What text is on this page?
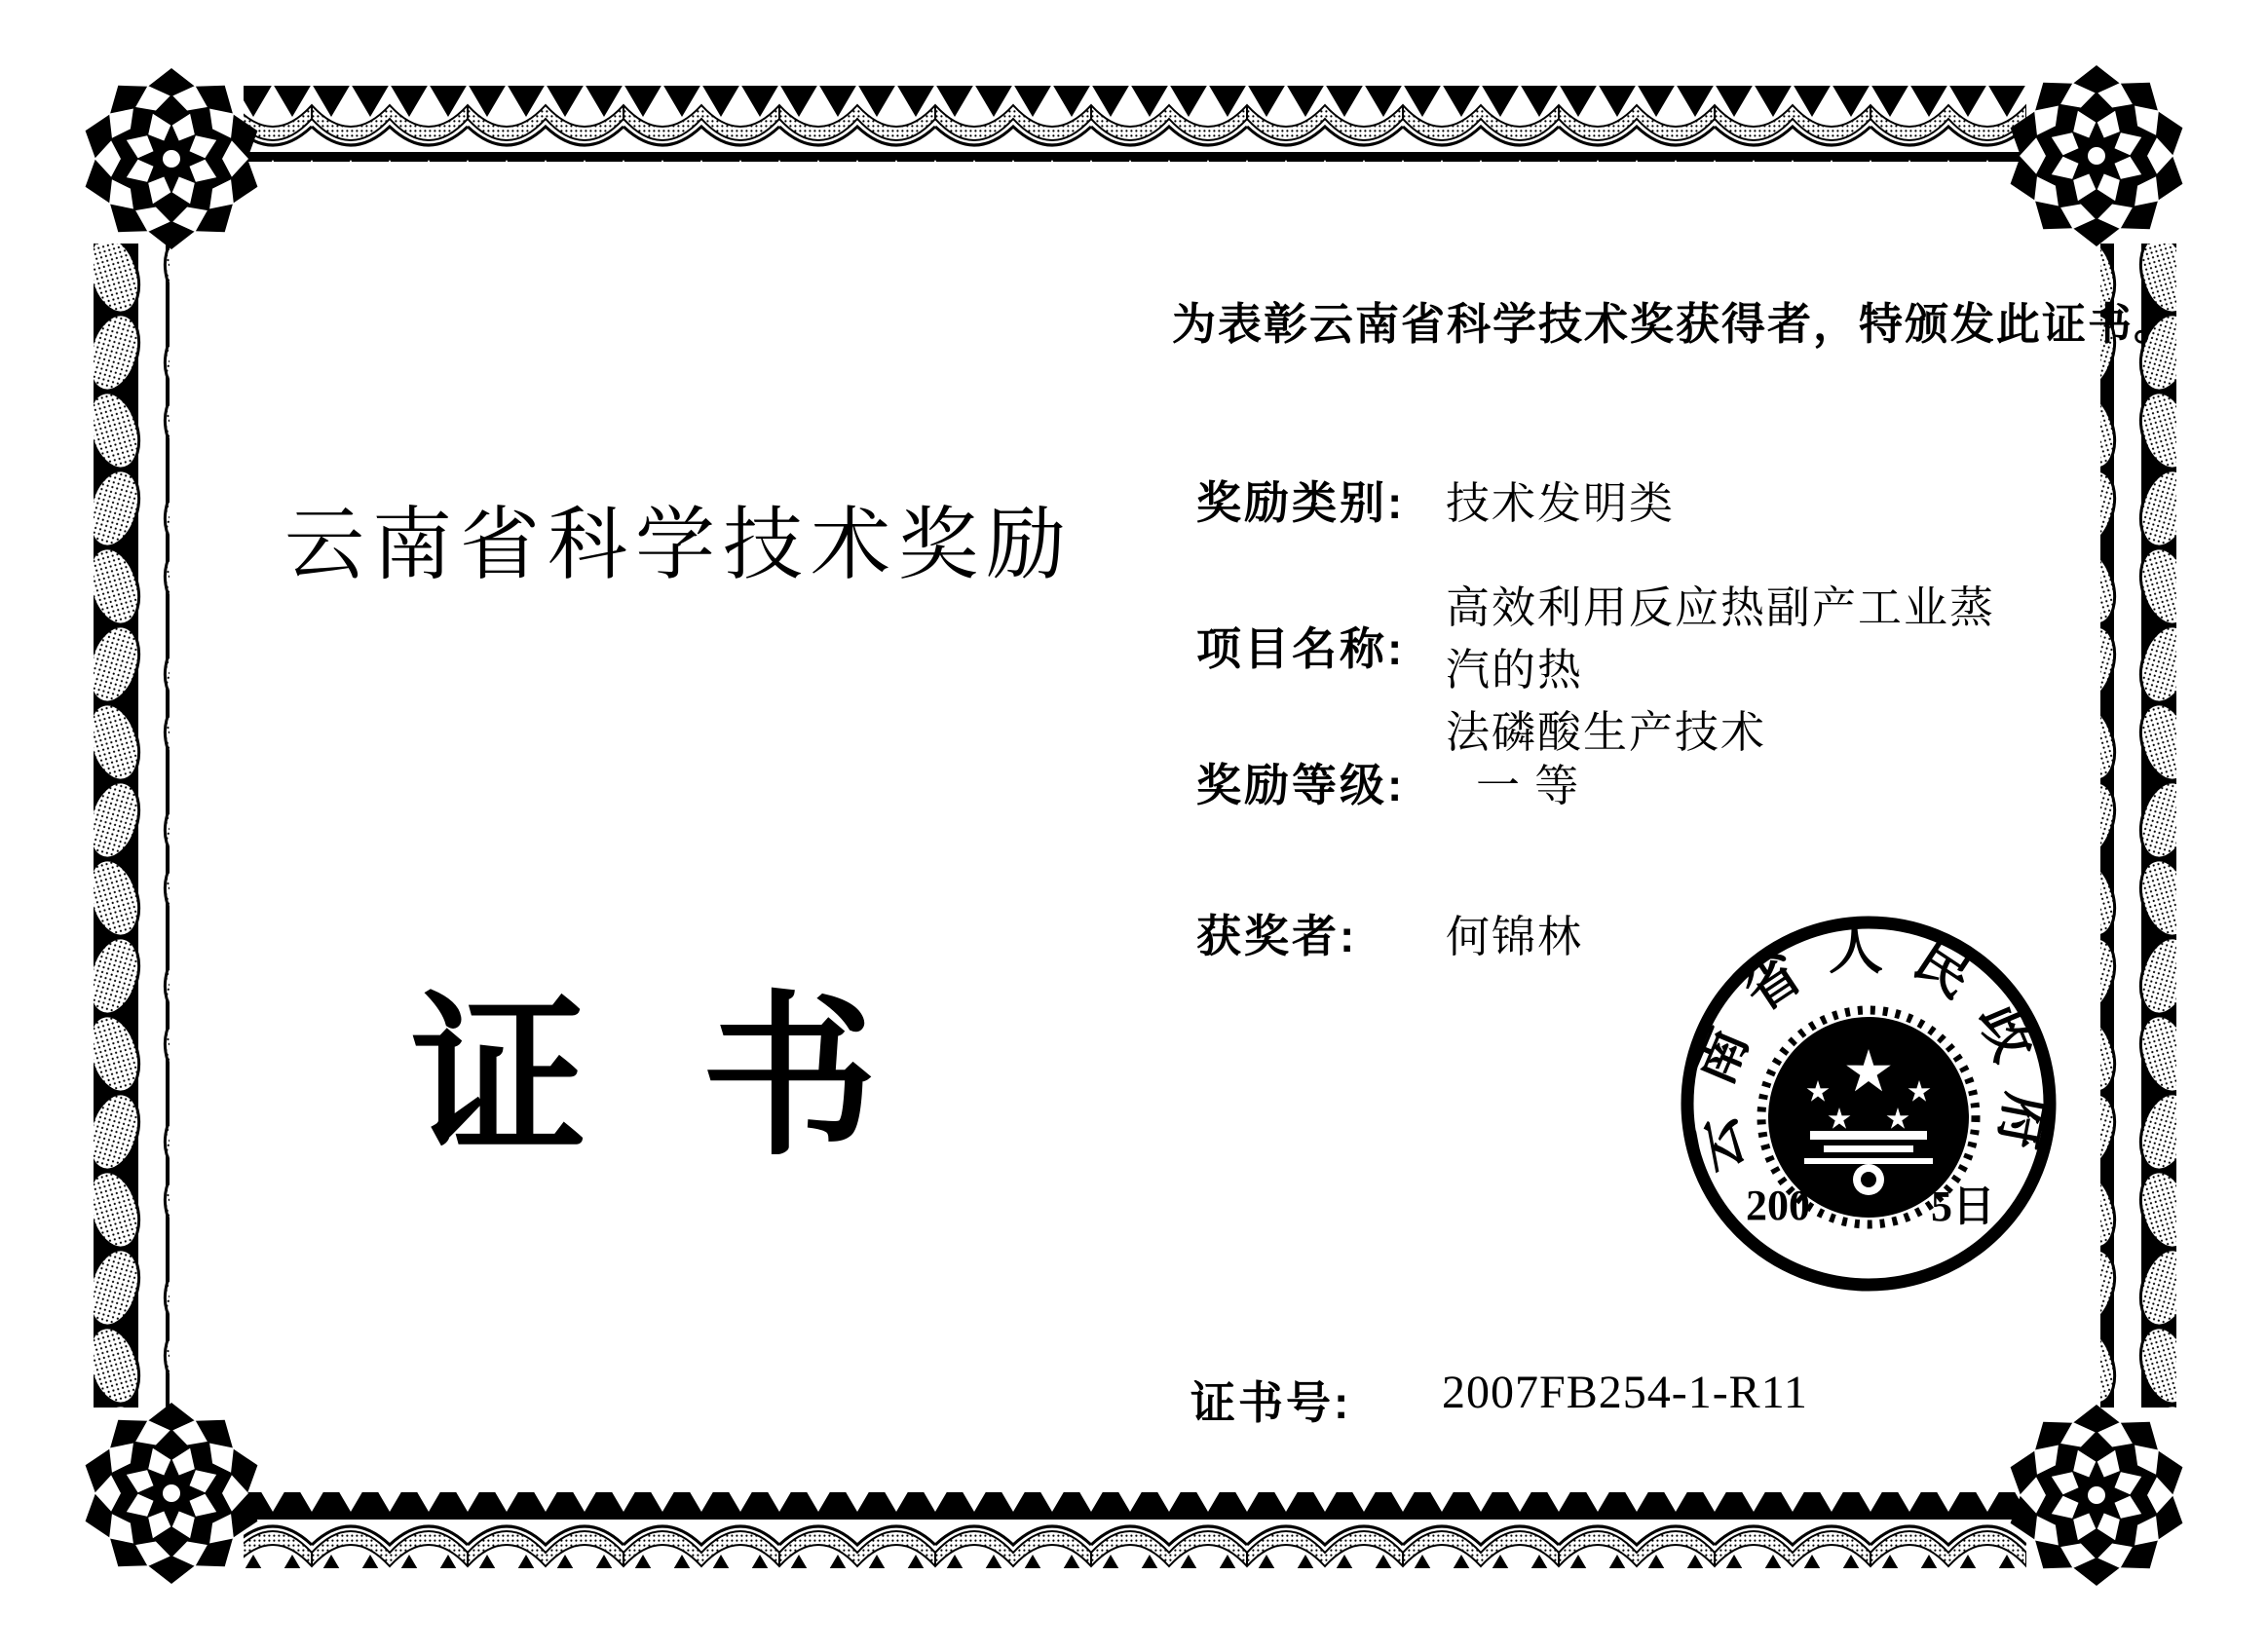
为表彰云南省科学技术奖获得者，特颁发此证书。
云南省科学技术奖励
证书
奖励类别: 技术发明类
项目名称:
高效利用反应热副产工业蒸汽的热
法磷酸生产技术
奖励等级: 一 等
获奖者: 何锦林
证书号: 2007FB254-1-R11
云南省人民政府
200	5日
